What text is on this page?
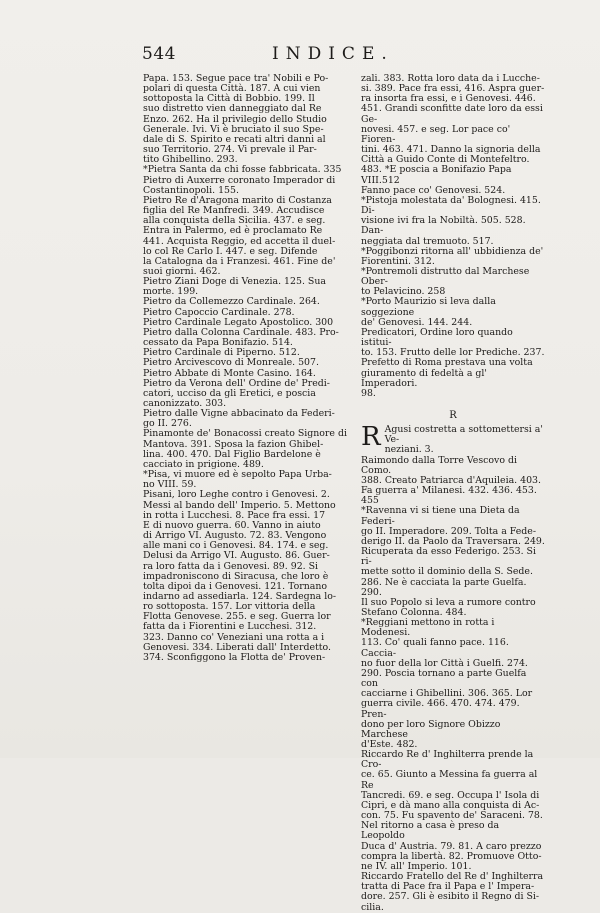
544	INDICE.
Papa. 153. Segue pace tra' Nobili e Po-
polari di questa Città. 187. A cui vien
sottoposta la Città di Bobbio. 199. Il
suo distretto vien danneggiato dal Re
Enzo. 262. Ha il privilegio dello Studio
Generale. Ivi. Vi è bruciato il suo Spe-
dale di S. Spirito e recati altri danni al
suo Territorio. 274. Vi prevale il Par-
tito Ghibellino. 293.
*Pietra Santa da chi fosse fabbricata. 335
Pietro di Auxerre coronato Imperador di
Costantinopoli. 155.
Pietro Re d'Aragona marito di Costanza
figlia del Re Manfredi. 349. Accudisce
alla conquista della Sicilia. 437. e seg.
Entra in Palermo, ed è proclamato Re
441. Acquista Reggio, ed accetta il duel-
lo col Re Carlo I. 447. e seg. Difende
la Catalogna da i Franzesi. 461. Fine de'
suoi giorni. 462.
Pietro Ziani Doge di Venezia. 125. Sua
morte. 199.
Pietro da Collemezzo Cardinale. 264.
Pietro Capoccio Cardinale. 278.
Pietro Cardinale Legato Apostolico. 300
Pietro dalla Colonna Cardinale. 483. Pro-
cessato da Papa Bonifazio. 514.
Pietro Cardinale di Piperno. 512.
Pietro Arcivescovo di Monreale. 507.
Pietro Abbate di Monte Casino. 164.
Pietro da Verona dell' Ordine de' Predi-
catori, ucciso da gli Eretici, e poscia
canonizzato. 303.
Pietro dalle Vigne abbacinato da Federi-
go II. 276.
Pinamonte de' Bonacossi creato Signore di
Mantova. 391. Sposa la fazion Ghibel-
lina. 400. 470. Dal Figlio Bardelone è
cacciato in prigione. 489.
*Pisa, vi muore ed è sepolto Papa Urba-
no VIII. 59.
Pisani, loro Leghe contro i Genovesi. 2.
Messi al bando dell' Imperio. 5. Mettono
in rotta i Lucchesi. 8. Pace fra essi. 17
E di nuovo guerra. 60. Vanno in aiuto
di Arrigo VI. Augusto. 72. 83. Vengono
alle mani co i Genovesi. 84. 174. e seg.
Delusi da Arrigo VI. Augusto. 86. Guer-
ra loro fatta da i Genovesi. 89. 92. Si
impadroniscono di Siracusa, che loro è
tolta dipoi da i Genovesi. 121. Tornano
indarno ad assediarla. 124. Sardegna lo-
ro sottoposta. 157. Lor vittoria della
Flotta Genovese. 255. e seg. Guerra lor
fatta da i Fiorentini e Lucchesi. 312.
323. Danno co' Veneziani una rotta a i
Genovesi. 334. Liberati dall' Interdetto.
374. Sconfiggono la Flotta de' Proven-
zali. 383. Rotta loro data da i Lucche-
si. 389. Pace fra essi, 416. Aspra guer-
ra insorta fra essi, e i Genovesi. 446.
451. Grandi sconfitte date loro da essi Ge-
novesi. 457. e seg. Lor pace co' Fioren-
tini. 463. 471. Danno la signoria della
Città a Guido Conte di Montefeltro.
483. *E poscia a Bonifazio Papa VIII.512
Fanno pace co' Genovesi. 524.
*Pistoja molestata da' Bolognesi. 415. Di-
visione ivi fra la Nobiltà. 505. 528. Dan-
neggiata dal tremuoto. 517.
*Poggibonzi ritorna all' ubbidienza de'
Fiorentini. 312.
*Pontremoli distrutto dal Marchese Ober-
to Pelavicino. 258
*Porto Maurizio si leva dalla soggezione
de' Genovesi. 144. 244.
Predicatori, Ordine loro quando istitui-
to. 153. Frutto delle lor Prediche. 237.
Prefetto di Roma prestava una volta
giuramento di fedeltà a gl' Imperadori.
98.
R
R Agusi costretta a sottomettersi a' Ve-
neziani. 3.
Raimondo dalla Torre Vescovo di Como.
388. Creato Patriarca d'Aquileia. 403.
Fa guerra a' Milanesi. 432. 436. 453. 455
*Ravenna vi si tiene una Dieta da Federi-
go II. Imperadore. 209. Tolta a Fede-
derigo II. da Paolo da Traversara. 249.
Ricuperata da esso Federigo. 253. Si ri-
mette sotto il dominio della S. Sede.
286. Ne è cacciata la parte Guelfa. 290.
Il suo Popolo si leva a rumore contro
Stefano Colonna. 484.
*Reggiani mettono in rotta i Modenesi.
113. Co' quali fanno pace. 116. Caccia-
no fuor della lor Città i Guelfi. 274.
290. Poscia tornano a parte Guelfa con
cacciarne i Ghibellini. 306. 365. Lor
guerra civile. 466. 470. 474. 479. Pren-
dono per loro Signore Obizzo Marchese
d'Este. 482.
Riccardo Re d' Inghilterra prende la Cro-
ce. 65. Giunto a Messina fa guerra al Re
Tancredi. 69. e seg. Occupa l' Isola di
Cipri, e dà mano alla conquista di Ac-
con. 75. Fu spavento de' Saraceni. 78.
Nel ritorno a casa è preso da Leopoldo
Duca d' Austria. 79. 81. A caro prezzo
compra la libertà. 82. Promuove Otto-
ne IV. all' Imperio. 101.
Riccardo Fratello del Re d' Inghilterra
tratta di Pace fra il Papa e l' Impera-
dore. 257. Gli è esibito il Regno di Si-
cilia.
